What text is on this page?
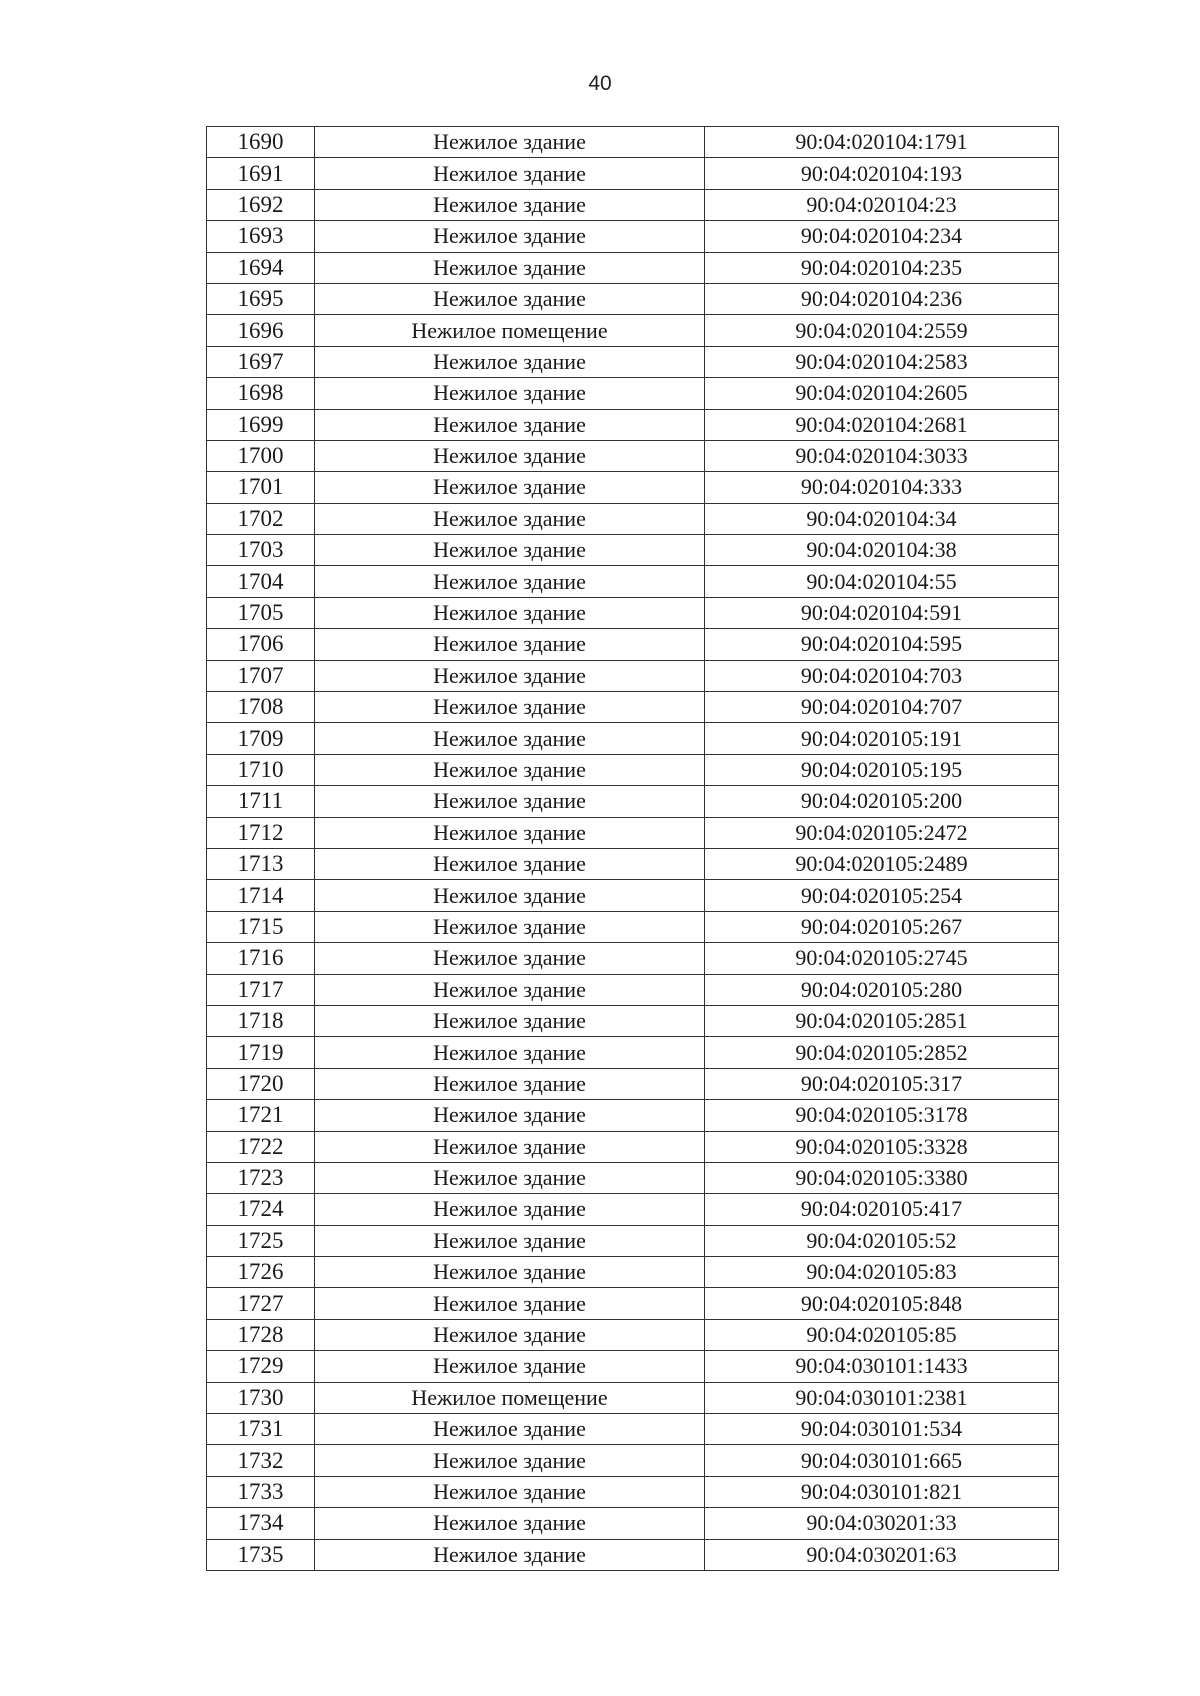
40
1690	Нежилое здание	90:04:020104:1791
1691	Нежилое здание	90:04:020104:193
1692	Нежилое здание	90:04:020104:23
1693	Нежилое здание	90:04:020104:234
1694	Нежилое здание	90:04:020104:235
1695	Нежилое здание	90:04:020104:236
1696	Нежилое помещение	90:04:020104:2559
1697	Нежилое здание	90:04:020104:2583
1698	Нежилое здание	90:04:020104:2605
1699	Нежилое здание	90:04:020104:2681
1700	Нежилое здание	90:04:020104:3033
1701	Нежилое здание	90:04:020104:333
1702	Нежилое здание	90:04:020104:34
1703	Нежилое здание	90:04:020104:38
1704	Нежилое здание	90:04:020104:55
1705	Нежилое здание	90:04:020104:591
1706	Нежилое здание	90:04:020104:595
1707	Нежилое здание	90:04:020104:703
1708	Нежилое здание	90:04:020104:707
1709	Нежилое здание	90:04:020105:191
1710	Нежилое здание	90:04:020105:195
1711	Нежилое здание	90:04:020105:200
1712	Нежилое здание	90:04:020105:2472
1713	Нежилое здание	90:04:020105:2489
1714	Нежилое здание	90:04:020105:254
1715	Нежилое здание	90:04:020105:267
1716	Нежилое здание	90:04:020105:2745
1717	Нежилое здание	90:04:020105:280
1718	Нежилое здание	90:04:020105:2851
1719	Нежилое здание	90:04:020105:2852
1720	Нежилое здание	90:04:020105:317
1721	Нежилое здание	90:04:020105:3178
1722	Нежилое здание	90:04:020105:3328
1723	Нежилое здание	90:04:020105:3380
1724	Нежилое здание	90:04:020105:417
1725	Нежилое здание	90:04:020105:52
1726	Нежилое здание	90:04:020105:83
1727	Нежилое здание	90:04:020105:848
1728	Нежилое здание	90:04:020105:85
1729	Нежилое здание	90:04:030101:1433
1730	Нежилое помещение	90:04:030101:2381
1731	Нежилое здание	90:04:030101:534
1732	Нежилое здание	90:04:030101:665
1733	Нежилое здание	90:04:030101:821
1734	Нежилое здание	90:04:030201:33
1735	Нежилое здание	90:04:030201:63
